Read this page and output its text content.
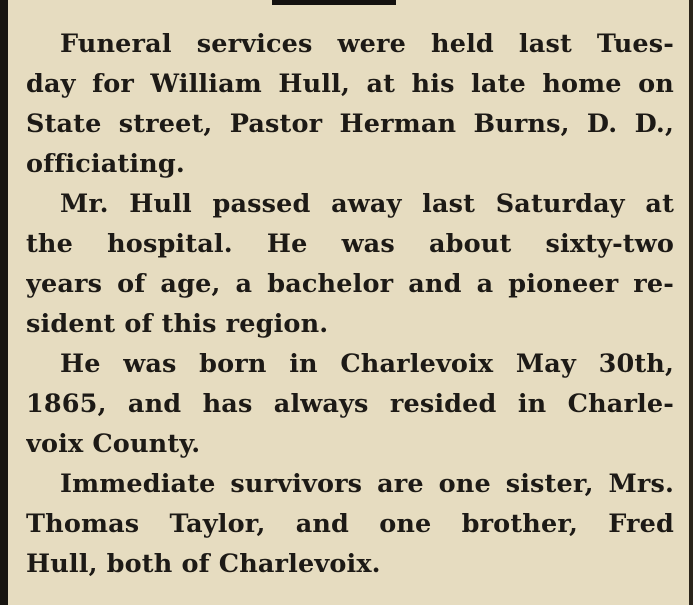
Funeral services were held last Tues-
day for William Hull, at his late home on
State street, Pastor Herman Burns, D. D.,
officiating.

Mr. Hull passed away last Saturday at
the hospital. He was about sixty-two
years of age, a bachelor and a pioneer re-
sident of this region.

He was born in Charlevoix May 30th,
1865, and has always resided in Charle-
voix County.

Immediate survivors are one sister, Mrs.
Thomas Taylor, and one brother, Fred
Hull, both of Charlevoix.
